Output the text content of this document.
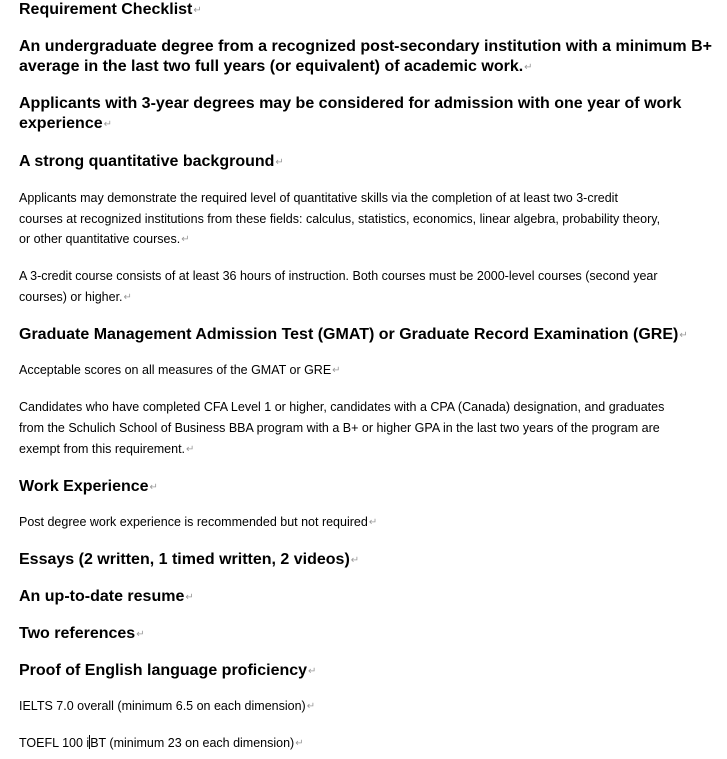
Requirement Checklist ↵
An undergraduate degree from a recognized post-secondary institution with a minimum B+
average in the last two full years (or equivalent) of academic work. ↵
Applicants with 3-year degrees may be considered for admission with one year of work
experience ↵
A strong quantitative background ↵
Applicants may demonstrate the required level of quantitative skills via the completion of at least two 3-credit
courses at recognized institutions from these fields: calculus, statistics, economics, linear algebra, probability theory,
or other quantitative courses. ↵
A 3-credit course consists of at least 36 hours of instruction. Both courses must be 2000-level courses (second year
courses) or higher. ↵
Graduate Management Admission Test (GMAT) or Graduate Record Examination (GRE) ↵
Acceptable scores on all measures of the GMAT or GRE ↵
Candidates who have completed CFA Level 1 or higher, candidates with a CPA (Canada) designation, and graduates
from the Schulich School of Business BBA program with a B+ or higher GPA in the last two years of the program are
exempt from this requirement. ↵
Work Experience ↵
Post degree work experience is recommended but not required ↵
Essays (2 written, 1 timed written, 2 videos) ↵
An up-to-date resume ↵
Two references ↵
Proof of English language proficiency ↵
IELTS 7.0 overall (minimum 6.5 on each dimension) ↵
TOEFL 100 iBT (minimum 23 on each dimension) ↵
